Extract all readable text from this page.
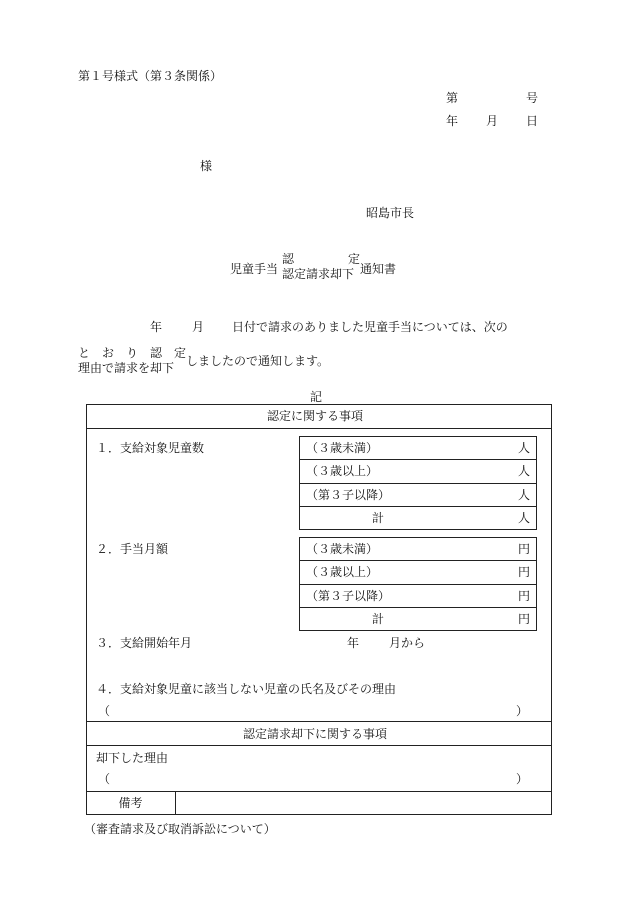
第１号様式（第３条関係）
第	号
年 月 日
様
昭島市長
児童手当
認	定
認定請求却下 通知書
年 月 日付で請求のありました児童手当については、次の
と　お　り　認　定
理由で請求を却下 しましたので通知します。
記
認定に関する事項
１．支給対象児童数	（３歳未満）	人
（３歳以上）	人
（第３子以降）	人
計	人
２．手当月額	（３歳未満）	円
（３歳以上）	円
（第３子以降）	円
計	円
３．支給開始年月	年 月から
４．支給対象児童に該当しない児童の氏名及びその理由
（	）
認定請求却下に関する事項
却下した理由
（	）
備考
（審査請求及び取消訴訟について）
